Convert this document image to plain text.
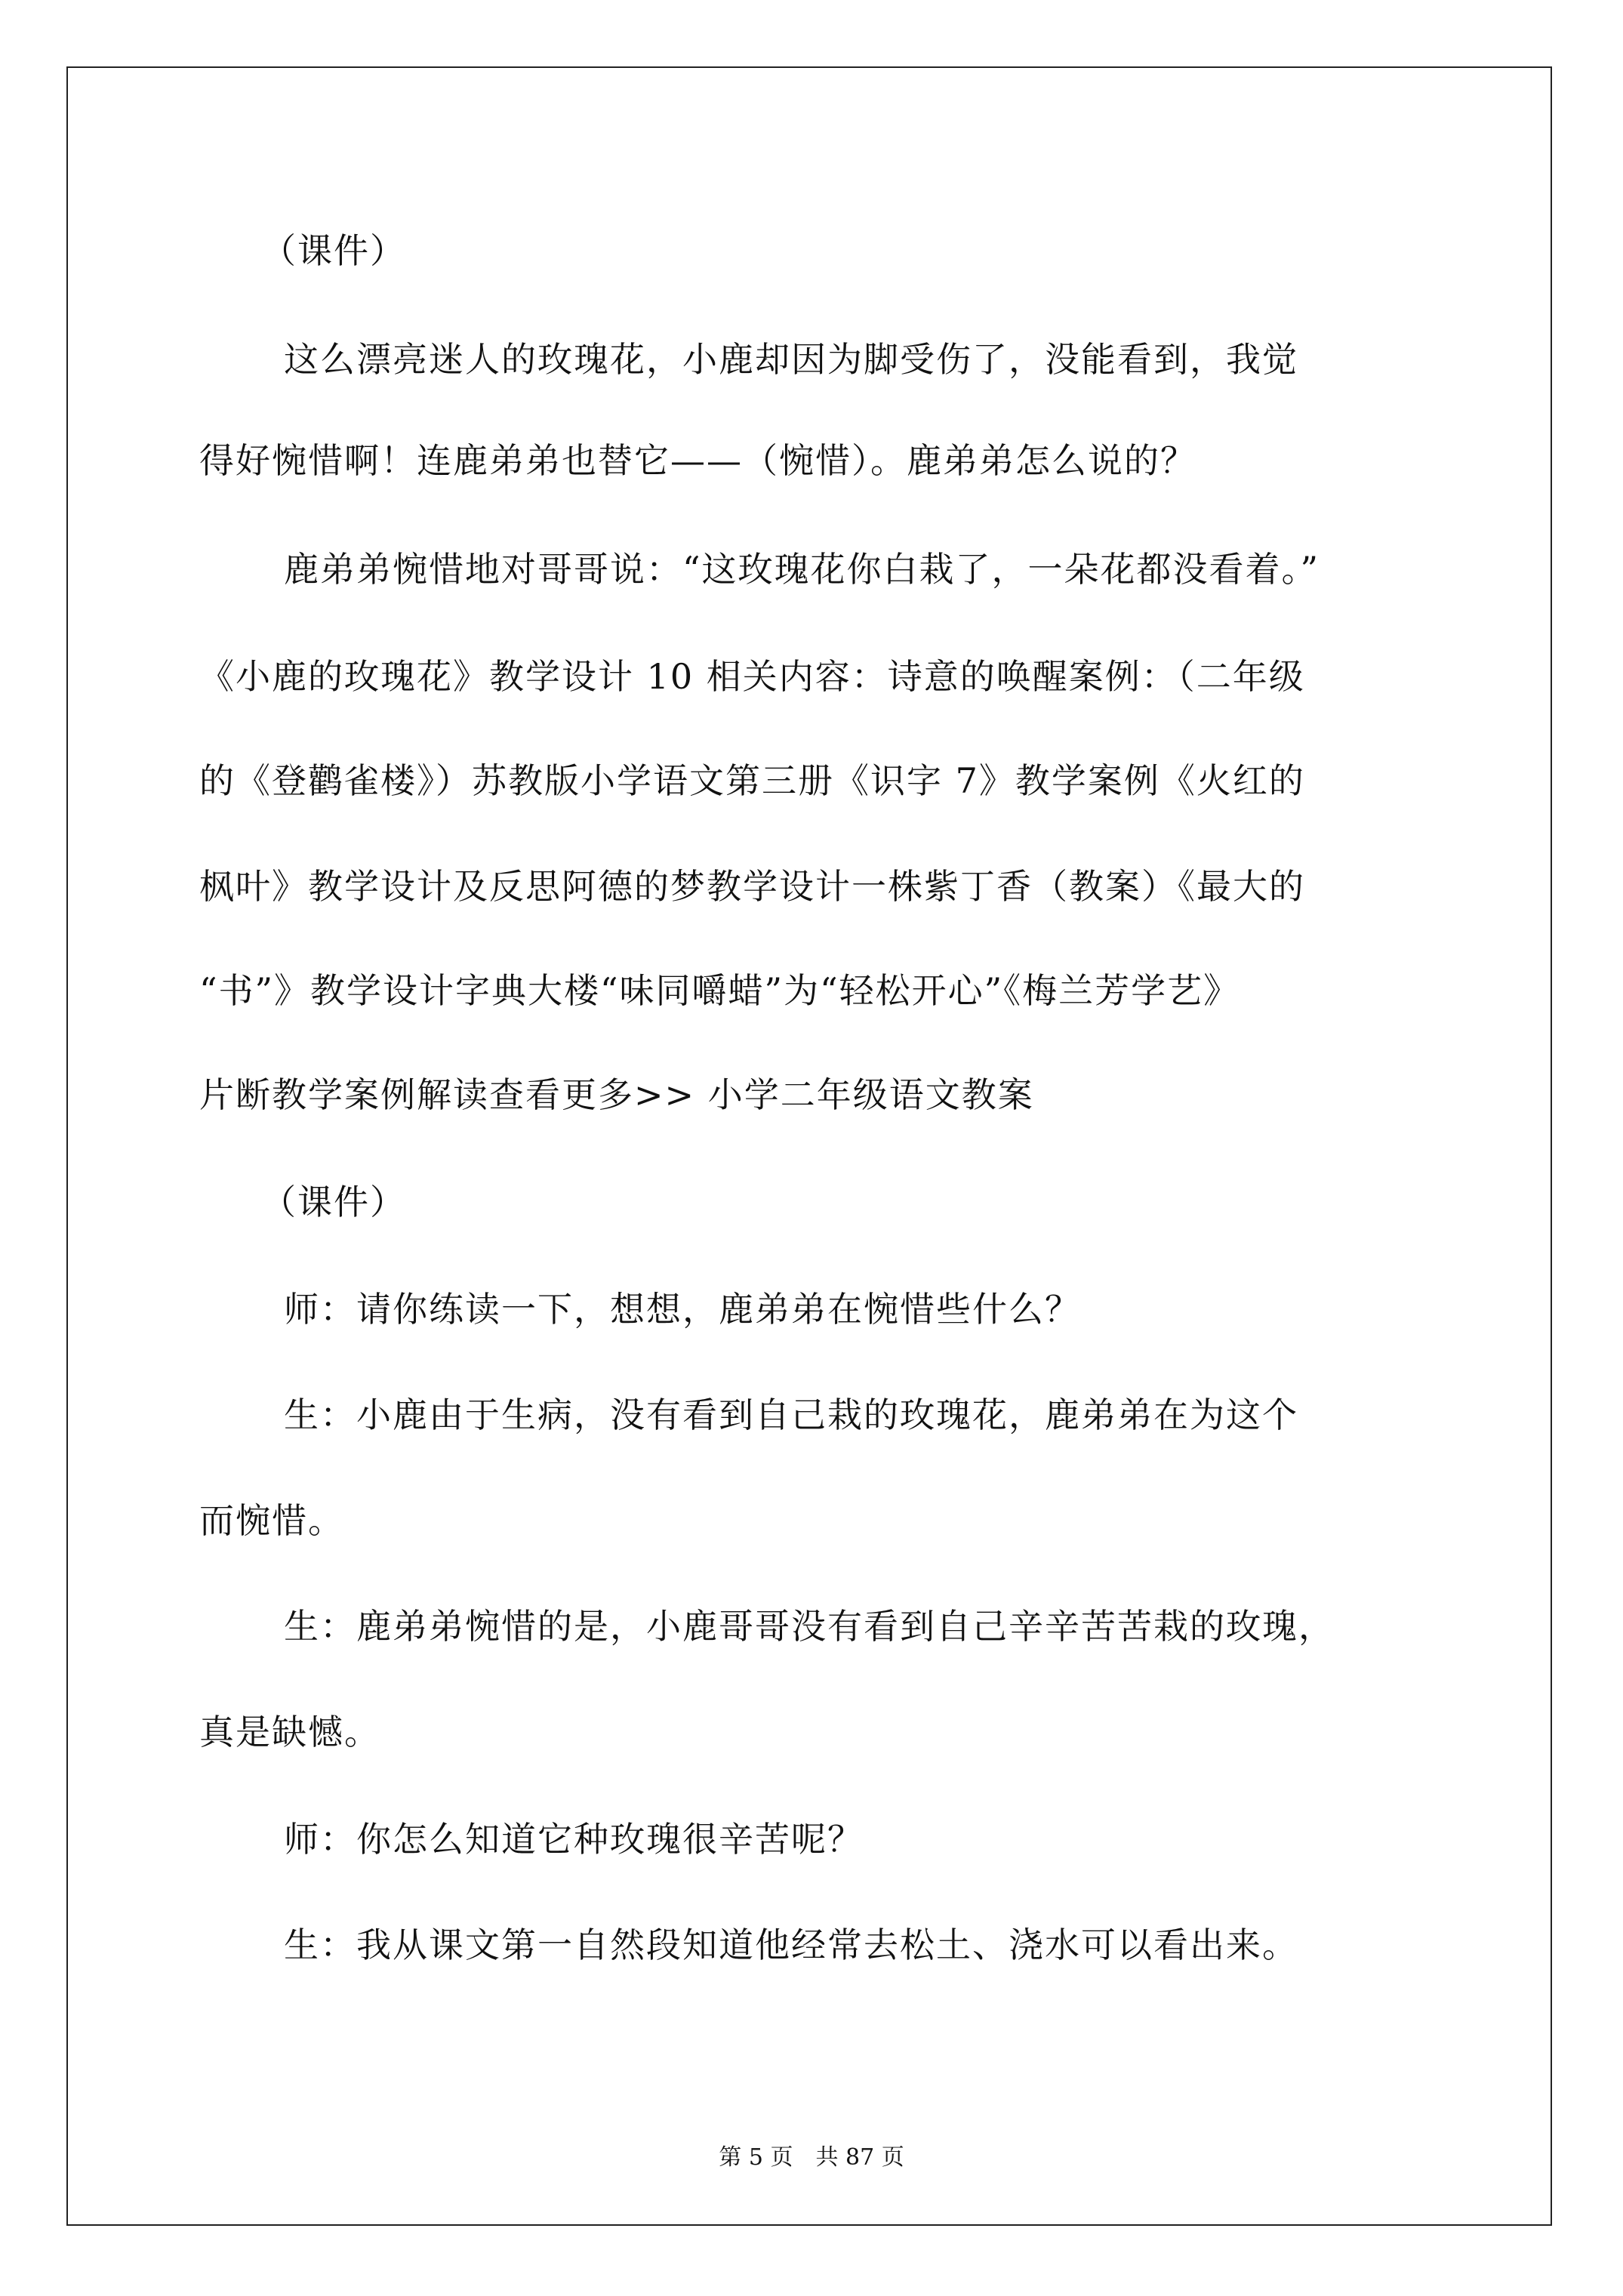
（课件）
这么漂亮迷人的玫瑰花，小鹿却因为脚受伤了，没能看到，我觉
得好惋惜啊！连鹿弟弟也替它——（惋惜）。鹿弟弟怎么说的？
鹿弟弟惋惜地对哥哥说：“这玫瑰花你白栽了，一朵花都没看着。”
《小鹿的玫瑰花》教学设计 10 相关内容：诗意的唤醒案例：（二年级
的《登鹳雀楼》）苏教版小学语文第三册《识字 7》教学案例《火红的
枫叶》教学设计及反思阿德的梦教学设计一株紫丁香（教案）《最大的
“书”》教学设计字典大楼“味同嚼蜡”为“轻松开心”《梅兰芳学艺》
片断教学案例解读查看更多>> 小学二年级语文教案
（课件）
师：请你练读一下，想想，鹿弟弟在惋惜些什么？
生：小鹿由于生病，没有看到自己栽的玫瑰花，鹿弟弟在为这个
而惋惜。
生：鹿弟弟惋惜的是，小鹿哥哥没有看到自己辛辛苦苦栽的玫瑰，
真是缺憾。
师：你怎么知道它种玫瑰很辛苦呢？
生：我从课文第一自然段知道他经常去松土、浇水可以看出来。
第 5 页　共 87 页
